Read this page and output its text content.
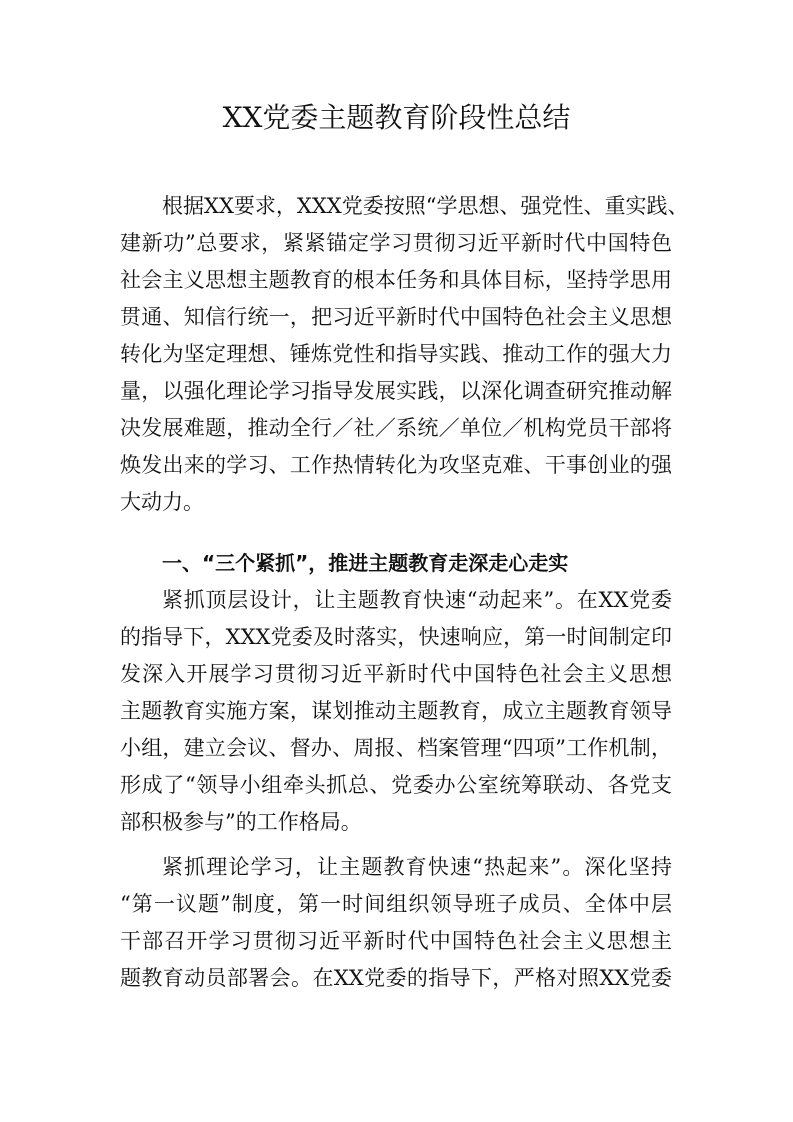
XX党委主题教育阶段性总结
根据XX要求，XXX党委按照“学思想、强党性、重实践、
建新功”总要求，紧紧锚定学习贯彻习近平新时代中国特色
社会主义思想主题教育的根本任务和具体目标，坚持学思用
贯通、知信行统一，把习近平新时代中国特色社会主义思想
转化为坚定理想、锤炼党性和指导实践、推动工作的强大力
量，以强化理论学习指导发展实践，以深化调查研究推动解
决发展难题，推动全行／社／系统／单位／机构党员干部将
焕发出来的学习、工作热情转化为攻坚克难、干事创业的强
大动力。
一、“三个紧抓”，推进主题教育走深走心走实
紧抓顶层设计，让主题教育快速“动起来”。在XX党委
的指导下，XXX党委及时落实，快速响应，第一时间制定印
发深入开展学习贯彻习近平新时代中国特色社会主义思想
主题教育实施方案，谋划推动主题教育，成立主题教育领导
小组，建立会议、督办、周报、档案管理“四项”工作机制，
形成了“领导小组牵头抓总、党委办公室统筹联动、各党支
部积极参与”的工作格局。
紧抓理论学习，让主题教育快速“热起来”。深化坚持
“第一议题”制度，第一时间组织领导班子成员、全体中层
干部召开学习贯彻习近平新时代中国特色社会主义思想主
题教育动员部署会。在XX党委的指导下，严格对照XX党委
